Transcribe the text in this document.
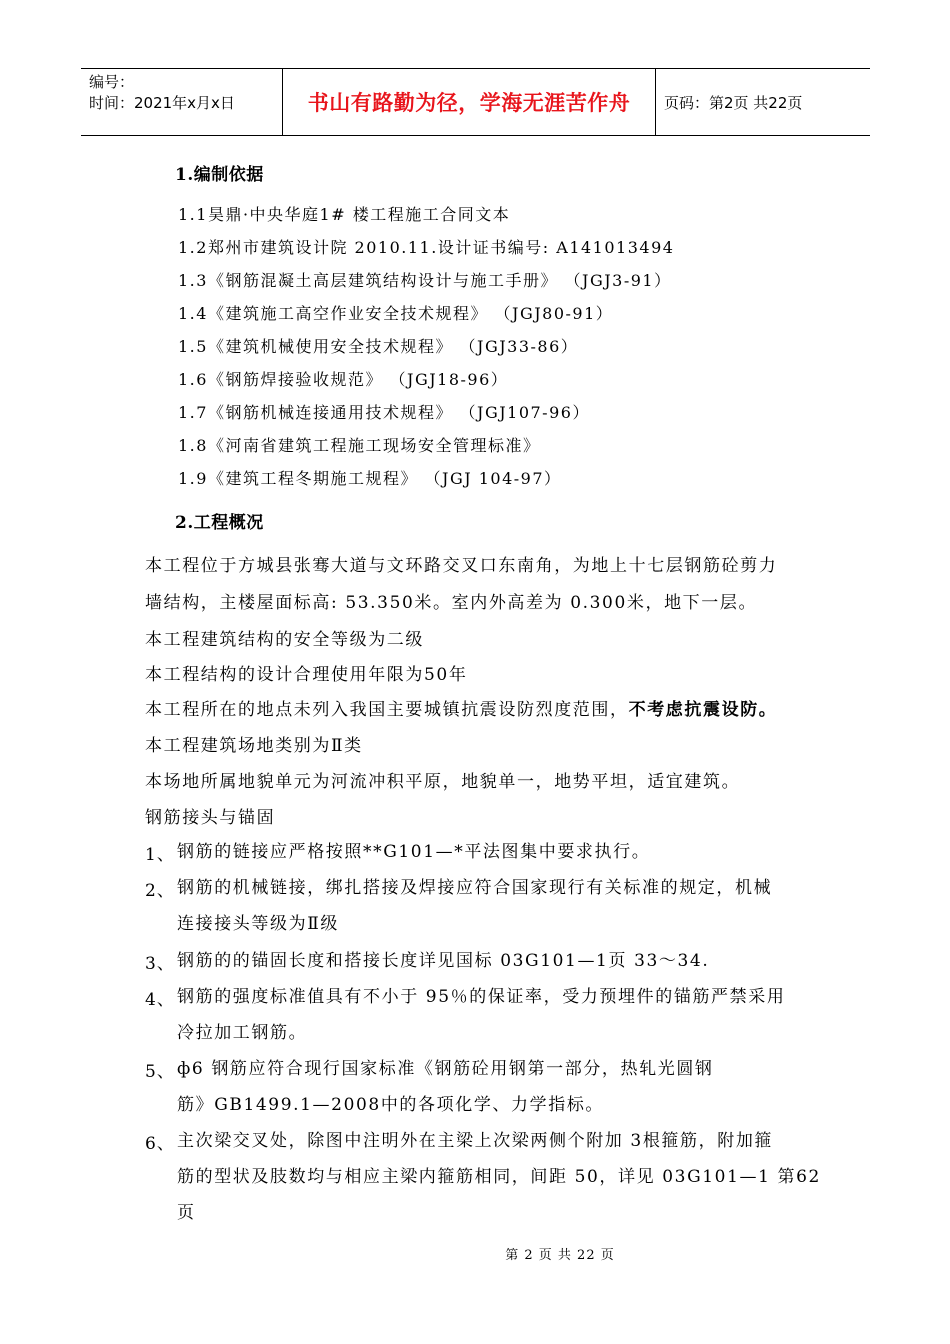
编号：
时间：2021年x月x日	书山有路勤为径，学海无涯苦作舟 页码：第2页 共22页
1.编制依据
1.1昊鼎·中央华庭1# 楼工程施工合同文本
1.2郑州市建筑设计院 2010.11.设计证书编号: A141013494
1.3《钢筋混凝土高层建筑结构设计与施工手册》 （JGJ3-91）
1.4《建筑施工高空作业安全技术规程》 （JGJ80-91）
1.5《建筑机械使用安全技术规程》 （JGJ33-86）
1.6《钢筋焊接验收规范》 （JGJ18-96）
1.7《钢筋机械连接通用技术规程》 （JGJ107-96）
1.8《河南省建筑工程施工现场安全管理标准》
1.9《建筑工程冬期施工规程》 （JGJ 104-97）
2.工程概况
本工程位于方城县张骞大道与文环路交叉口东南角，为地上十七层钢筋砼剪力
墙结构，主楼屋面标高: 53.350米。室内外高差为 0.300米，地下一层。
本工程建筑结构的安全等级为二级
本工程结构的设计合理使用年限为50年
本工程所在的地点未列入我国主要城镇抗震设防烈度范围，不考虑抗震设防。
本工程建筑场地类别为Ⅱ类
本场地所属地貌单元为河流冲积平原，地貌单一，地势平坦，适宜建筑。
钢筋接头与锚固
1、 钢筋的链接应严格按照**G101—*平法图集中要求执行。
2、 钢筋的机械链接，绑扎搭接及焊接应符合国家现行有关标准的规定，机械
连接接头等级为Ⅱ级
3、 钢筋的的锚固长度和搭接长度详见国标 03G101—1页 33～34.
4、 钢筋的强度标准值具有不小于 95％的保证率，受力预埋件的锚筋严禁采用
冷拉加工钢筋。
5、 ф6 钢筋应符合现行国家标准《钢筋砼用钢第一部分，热轧光圆钢
筋》GB1499.1—2008中的各项化学、力学指标。
6、 主次梁交叉处，除图中注明外在主梁上次梁两侧个附加 3根箍筋，附加箍
筋的型状及肢数均与相应主梁内箍筋相同，间距 50，详见 03G101—1 第62
页
第 2 页 共 22 页
